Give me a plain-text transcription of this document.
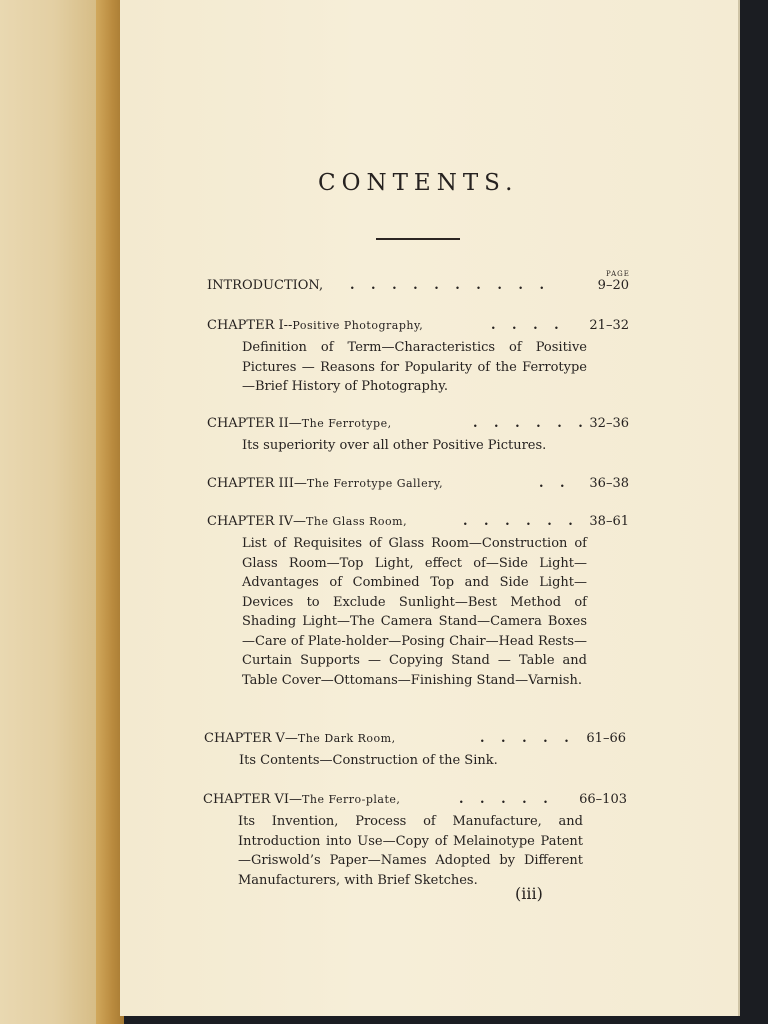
CONTENTS.
PAGE
INTRODUCTION, . . . . . . . . . .	9–20
CHAPTER I--Positive Photography,	. . . . 21–32

Definition of Term—Characteristics of Positive Pictures — Reasons for Popularity of the Ferrotype—Brief History of Photography.

CHAPTER II—The Ferrotype,	. . . . . . 32–36

Its superiority over all other Positive Pictures.

CHAPTER III—The Ferrotype Gallery,	. . 36–38
CHAPTER IV—The Glass Room,	. . . . . . 38–61

List of Requisites of Glass Room—Construction of Glass Room—Top Light, effect of—Side Light—Advantages of Combined Top and Side Light—Devices to Exclude Sunlight—Best Method of Shading Light—The Camera Stand—Camera Boxes—Care of Plate-holder—Posing Chair—Head Rests—Curtain Supports — Copying Stand — Table and Table Cover—Ottomans—Finishing Stand—Varnish.

CHAPTER V—The Dark Room,	. . . . . 61–66

Its Contents—Construction of the Sink.

CHAPTER VI—The Ferro-plate,	. . . . . 66–103

Its Invention, Process of Manufacture, and Introduction into Use—Copy of Melainotype Patent—Griswold’s Paper—Names Adopted by Different Manufacturers, with Brief Sketches.

(iii)
